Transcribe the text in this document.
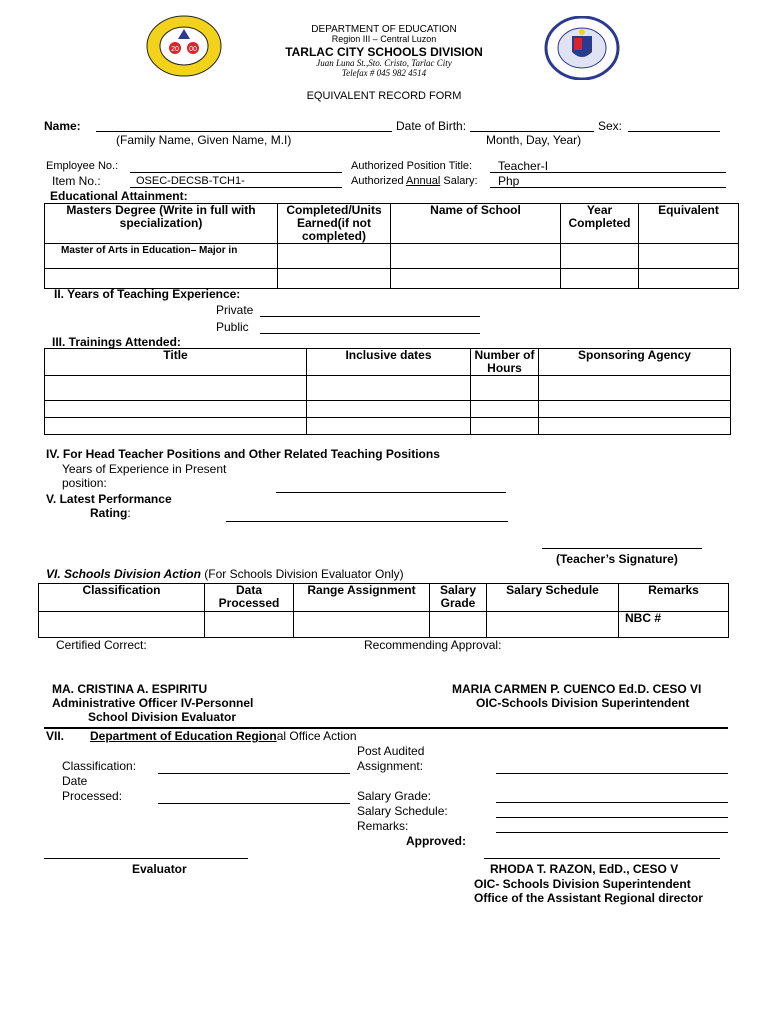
20 00
DEPARTMENT OF EDUCATION
Region III – Central Luzon
TARLAC CITY SCHOOLS DIVISION
Juan Luna St.,Sto. Cristo, Tarlac City
Telefax # 045 982 4514
EQUIVALENT RECORD FORM
Name:
(Family Name, Given Name, M.I)
Date of Birth:
Month, Day, Year)
Sex:
Employee No.:
Item No.:	OSEC-DECSB-TCH1-
Authorized Position Title: Teacher-I
Authorized Annual Salary: Php
Educational Attainment:
Masters Degree (Write in full with specialization)	Completed/Units Earned(if not completed)	Name of School	Year Completed	Equivalent
Master of Arts in Education– Major in				

II. Years of Teaching Experience:
Private
Public
III. Trainings Attended:
Title	Inclusive dates	Number of Hours	Sponsoring Agency

IV. For Head Teacher Positions and Other Related Teaching Positions
Years of Experience in Present
position:
V. Latest Performance
Rating:
(Teacher’s Signature)
VI. Schools Division Action (For Schools Division Evaluator Only)
Classification	Data Processed	Range Assignment	Salary Grade	Salary Schedule	Remarks
					NBC #
Certified Correct:	Recommending Approval:
MA. CRISTINA A. ESPIRITU
Administrative Officer IV-Personnel
School Division Evaluator
MARIA CARMEN P. CUENCO Ed.D. CESO VI
OIC-Schools Division Superintendent
VII. Department of Education Regional Office Action
Classification:
Date
Processed:
Post Audited
Assignment:
Salary Grade:
Salary Schedule:
Remarks:
Approved:
Evaluator	RHODA T. RAZON, EdD., CESO V
OIC- Schools Division Superintendent
Office of the Assistant Regional director
